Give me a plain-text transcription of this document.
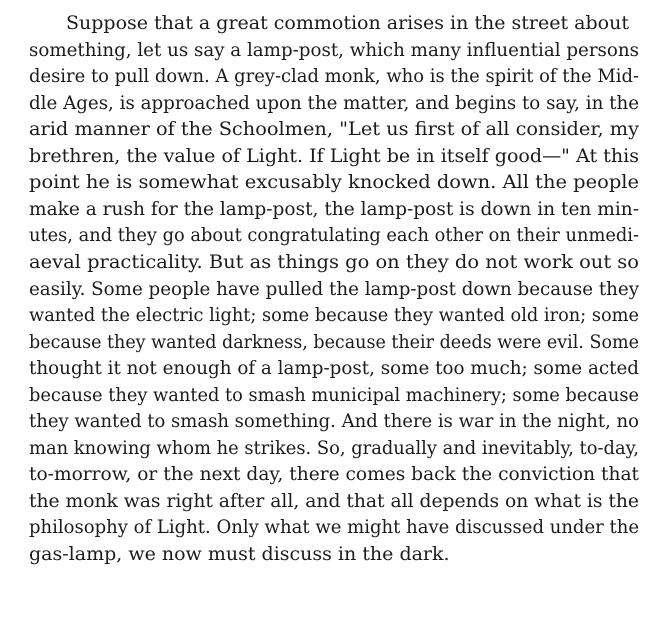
Suppose that a great commotion arises in the street about
something, let us say a lamp-post, which many influential persons
desire to pull down. A grey-clad monk, who is the spirit of the Mid-
dle Ages, is approached upon the matter, and begins to say, in the
arid manner of the Schoolmen, "Let us first of all consider, my
brethren, the value of Light. If Light be in itself good—" At this
point he is somewhat excusably knocked down. All the people
make a rush for the lamp-post, the lamp-post is down in ten min-
utes, and they go about congratulating each other on their unmedi-
aeval practicality. But as things go on they do not work out so
easily. Some people have pulled the lamp-post down because they
wanted the electric light; some because they wanted old iron; some
because they wanted darkness, because their deeds were evil. Some
thought it not enough of a lamp-post, some too much; some acted
because they wanted to smash municipal machinery; some because
they wanted to smash something. And there is war in the night, no
man knowing whom he strikes. So, gradually and inevitably, to-day,
to-morrow, or the next day, there comes back the conviction that
the monk was right after all, and that all depends on what is the
philosophy of Light. Only what we might have discussed under the
gas-lamp, we now must discuss in the dark.
